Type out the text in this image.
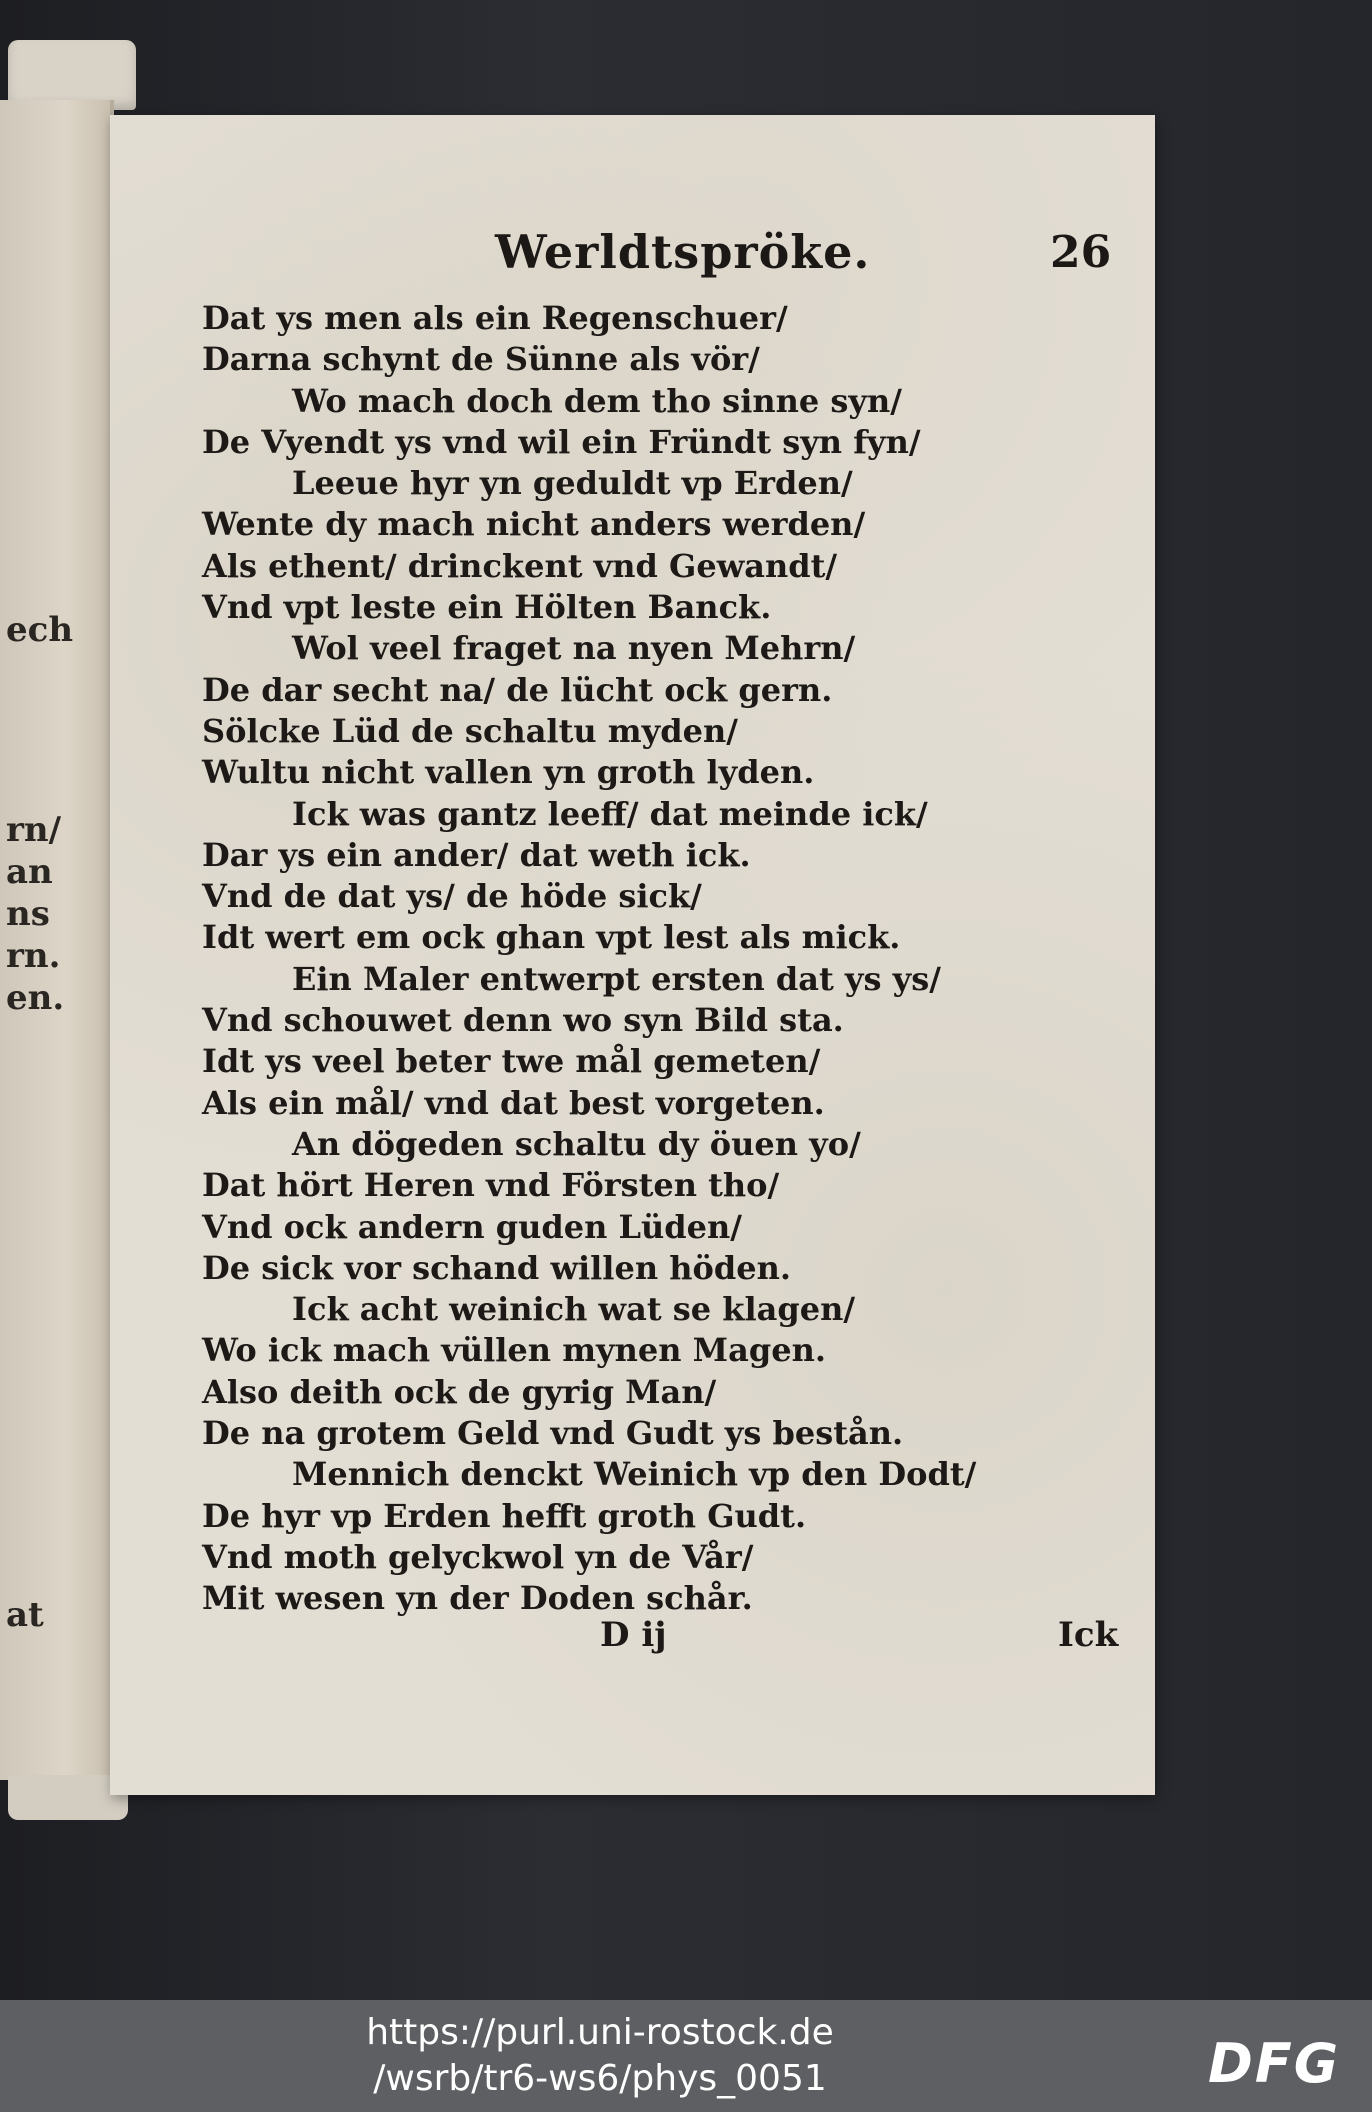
ech
rn/
an
ns
rn.
en.
at
Werldtspröke.	26
Dat ys men als ein Regenschuer/
Darna schynt de Sünne als vör/
Wo mach doch dem tho sinne syn/
De Vyendt ys vnd wil ein Fründt syn fyn/
Leeue hyr yn geduldt vp Erden/
Wente dy mach nicht anders werden/
Als ethent/ drinckent vnd Gewandt/
Vnd vpt leste ein Hölten Banck.
Wol veel fraget na nyen Mehrn/
De dar secht na/ de lücht ock gern.
Sölcke Lüd de schaltu myden/
Wultu nicht vallen yn groth lyden.
Ick was gantz leeff/ dat meinde ick/
Dar ys ein ander/ dat weth ick.
Vnd de dat ys/ de höde sick/
Idt wert em ock ghan vpt lest als mick.
Ein Maler entwerpt ersten dat ys ys/
Vnd schouwet denn wo syn Bild sta.
Idt ys veel beter twe mål gemeten/
Als ein mål/ vnd dat best vorgeten.
An dögeden schaltu dy öuen yo/
Dat hört Heren vnd Försten tho/
Vnd ock andern guden Lüden/
De sick vor schand willen höden.
Ick acht weinich wat se klagen/
Wo ick mach vüllen mynen Magen.
Also deith ock de gyrig Man/
De na grotem Geld vnd Gudt ys bestån.
Mennich denckt Weinich vp den Dodt/
De hyr vp Erden hefft groth Gudt.
Vnd moth gelyckwol yn de Vår/
Mit wesen yn der Doden schår.
D ij	Ick
https://purl.uni-rostock.de
/wsrb/tr6-ws6/phys_0051	DFG
